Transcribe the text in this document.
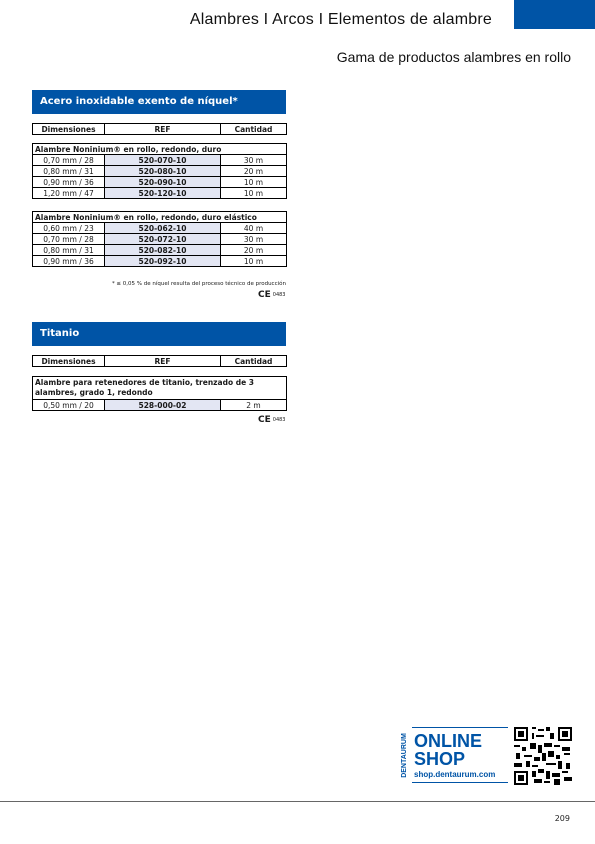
Alambres I Arcos I Elementos de alambre
Gama de productos alambres en rollo
Acero inoxidable exento de níquel*
Dimensiones	REF	Cantidad
Alambre Noninium® en rollo, redondo, duro		
0,70 mm / 28	520-070-10	30 m
0,80 mm / 31	520-080-10	20 m
0,90 mm / 36	520-090-10	10 m
1,20 mm / 47	520-120-10	10 m
Alambre Noninium® en rollo, redondo, duro elástico		
0,60 mm / 23	520-062-10	40 m
0,70 mm / 28	520-072-10	30 m
0,80 mm / 31	520-082-10	20 m
0,90 mm / 36	520-092-10	10 m
* ≤ 0,05 % de níquel resulta del proceso técnico de producción
CE 0483
Titanio
Dimensiones	REF	Cantidad
Alambre para retenedores de titanio, trenzado de 3 alambres, grado 1, redondo
0,50 mm / 20	528-000-02	2 m
CE 0483
DENTAURUM ONLINE
SHOP
shop.dentaurum.com
209
